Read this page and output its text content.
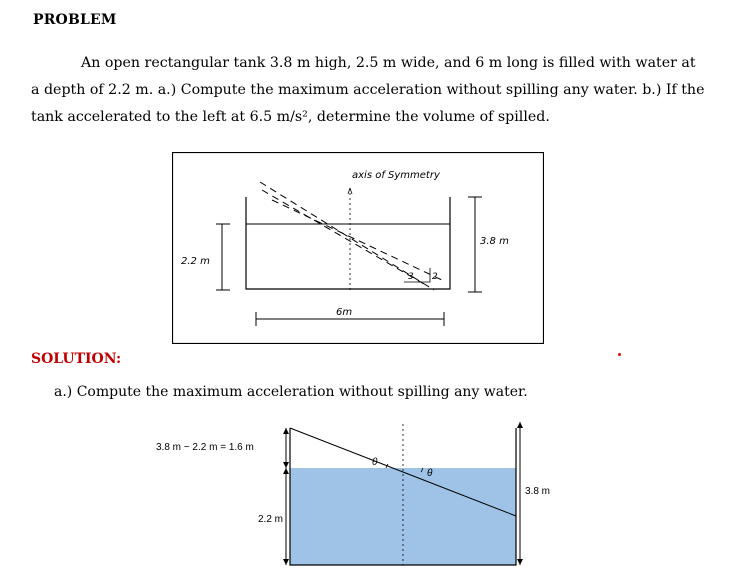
PROBLEM
An open rectangular tank 3.8 m high, 2.5 m wide, and 6 m long is filled with water at
a depth of 2.2 m. a.) Compute the maximum acceleration without spilling any water. b.) If the
tank accelerated to the left at 6.5 m/s², determine the volume of spilled.
axis of Symmetry
3.8 m
2.2 m
6m
3 2
SOLUTION:
a.) Compute the maximum acceleration without spilling any water.
θ
θ
3.8 m − 2.2 m = 1.6 m
2.2 m
3.8 m
